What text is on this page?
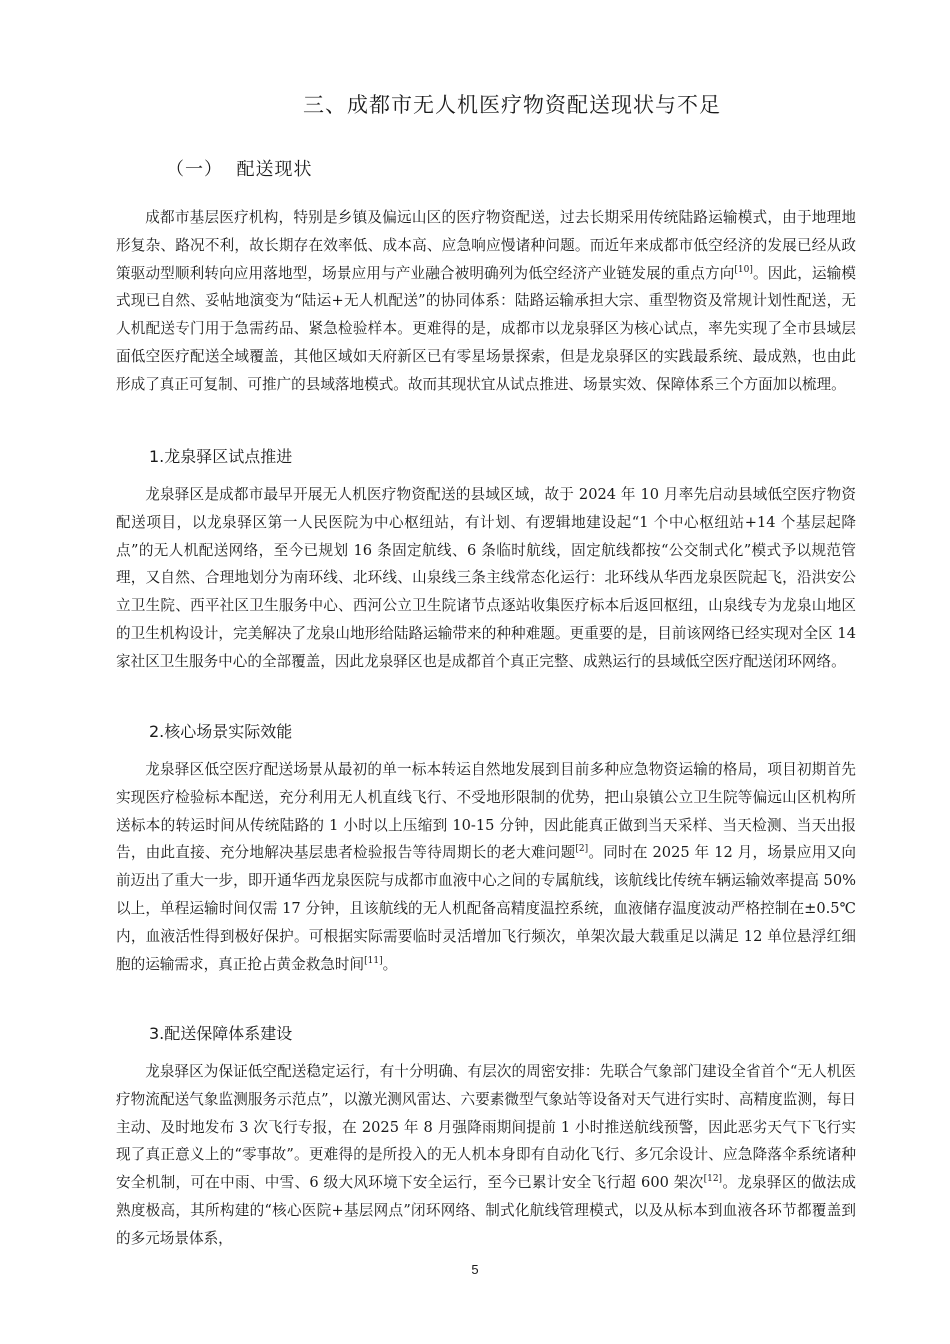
三、成都市无人机医疗物资配送现状与不足
（一）  配送现状

成都市基层医疗机构，特别是乡镇及偏远山区的医疗物资配送，过去长期采用传统陆路运输模式，由于地理地形复杂、路况不利，故长期存在效率低、成本高、应急响应慢诸种问题。而近年来成都市低空经济的发展已经从政策驱动型顺利转向应用落地型，场景应用与产业融合被明确列为低空经济产业链发展的重点方向[10]。因此，运输模式现已自然、妥帖地演变为“陆运+无人机配送”的协同体系：陆路运输承担大宗、重型物资及常规计划性配送，无人机配送专门用于急需药品、紧急检验样本。更难得的是，成都市以龙泉驿区为核心试点，率先实现了全市县域层面低空医疗配送全域覆盖，其他区域如天府新区已有零星场景探索，但是龙泉驿区的实践最系统、最成熟，也由此形成了真正可复制、可推广的县域落地模式。故而其现状宜从试点推进、场景实效、保障体系三个方面加以梳理。

1.龙泉驿区试点推进

龙泉驿区是成都市最早开展无人机医疗物资配送的县域区域，故于 2024 年 10 月率先启动县域低空医疗物资配送项目，以龙泉驿区第一人民医院为中心枢纽站，有计划、有逻辑地建设起“1 个中心枢纽站+14 个基层起降点”的无人机配送网络，至今已规划 16 条固定航线、6 条临时航线，固定航线都按“公交制式化”模式予以规范管理，又自然、合理地划分为南环线、北环线、山泉线三条主线常态化运行：北环线从华西龙泉医院起飞，沿洪安公立卫生院、西平社区卫生服务中心、西河公立卫生院诸节点逐站收集医疗标本后返回枢纽，山泉线专为龙泉山地区的卫生机构设计，完美解决了龙泉山地形给陆路运输带来的种种难题。更重要的是，目前该网络已经实现对全区 14 家社区卫生服务中心的全部覆盖，因此龙泉驿区也是成都首个真正完整、成熟运行的县域低空医疗配送闭环网络。

2.核心场景实际效能

龙泉驿区低空医疗配送场景从最初的单一标本转运自然地发展到目前多种应急物资运输的格局，项目初期首先实现医疗检验标本配送，充分利用无人机直线飞行、不受地形限制的优势，把山泉镇公立卫生院等偏远山区机构所送标本的转运时间从传统陆路的 1 小时以上压缩到 10-15 分钟，因此能真正做到当天采样、当天检测、当天出报告，由此直接、充分地解决基层患者检验报告等待周期长的老大难问题[2]。同时在 2025 年 12 月，场景应用又向前迈出了重大一步，即开通华西龙泉医院与成都市血液中心之间的专属航线，该航线比传统车辆运输效率提高 50%以上，单程运输时间仅需 17 分钟，且该航线的无人机配备高精度温控系统，血液储存温度波动严格控制在±0.5℃内，血液活性得到极好保护。可根据实际需要临时灵活增加飞行频次，单架次最大载重足以满足 12 单位悬浮红细胞的运输需求，真正抢占黄金救急时间[11]。

3.配送保障体系建设

龙泉驿区为保证低空配送稳定运行，有十分明确、有层次的周密安排：先联合气象部门建设全省首个“无人机医疗物流配送气象监测服务示范点”，以激光测风雷达、六要素微型气象站等设备对天气进行实时、高精度监测，每日主动、及时地发布 3 次飞行专报，在 2025 年 8 月强降雨期间提前 1 小时推送航线预警，因此恶劣天气下飞行实现了真正意义上的“零事故”。更难得的是所投入的无人机本身即有自动化飞行、多冗余设计、应急降落伞系统诸种安全机制，可在中雨、中雪、6 级大风环境下安全运行，至今已累计安全飞行超 600 架次[12]。龙泉驿区的做法成熟度极高，其所构建的“核心医院+基层网点”闭环网络、制式化航线管理模式，以及从标本到血液各环节都覆盖到的多元场景体系，

5
